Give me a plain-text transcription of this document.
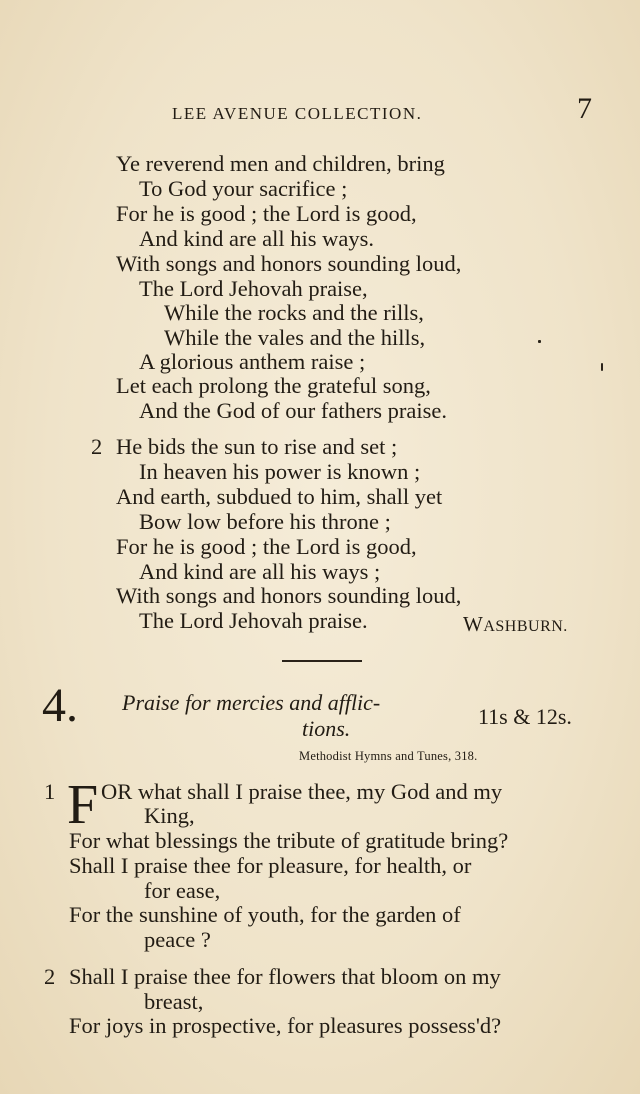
LEE AVENUE COLLECTION.	7
Ye reverend men and children, bring
To God your sacrifice ;
For he is good ; the Lord is good,
And kind are all his ways.
With songs and honors sounding loud,
The Lord Jehovah praise,
While the rocks and the rills,
While the vales and the hills,
A glorious anthem raise ;
Let each prolong the grateful song,
And the God of our fathers praise.
2 He bids the sun to rise and set ;
In heaven his power is known ;
And earth, subdued to him, shall yet
Bow low before his throne ;
For he is good ; the Lord is good,
And kind are all his ways ;
With songs and honors sounding loud,
The Lord Jehovah praise.	WASHBURN.
4. Praise for mercies and afflic-
tions.	11s & 12s.
Methodist Hymns and Tunes, 318.
1 F OR what shall I praise thee, my God and my
King,
For what blessings the tribute of gratitude bring?
Shall I praise thee for pleasure, for health, or
for ease,
For the sunshine of youth, for the garden of
peace ?
2 Shall I praise thee for flowers that bloom on my
breast,
For joys in prospective, for pleasures possess'd?
